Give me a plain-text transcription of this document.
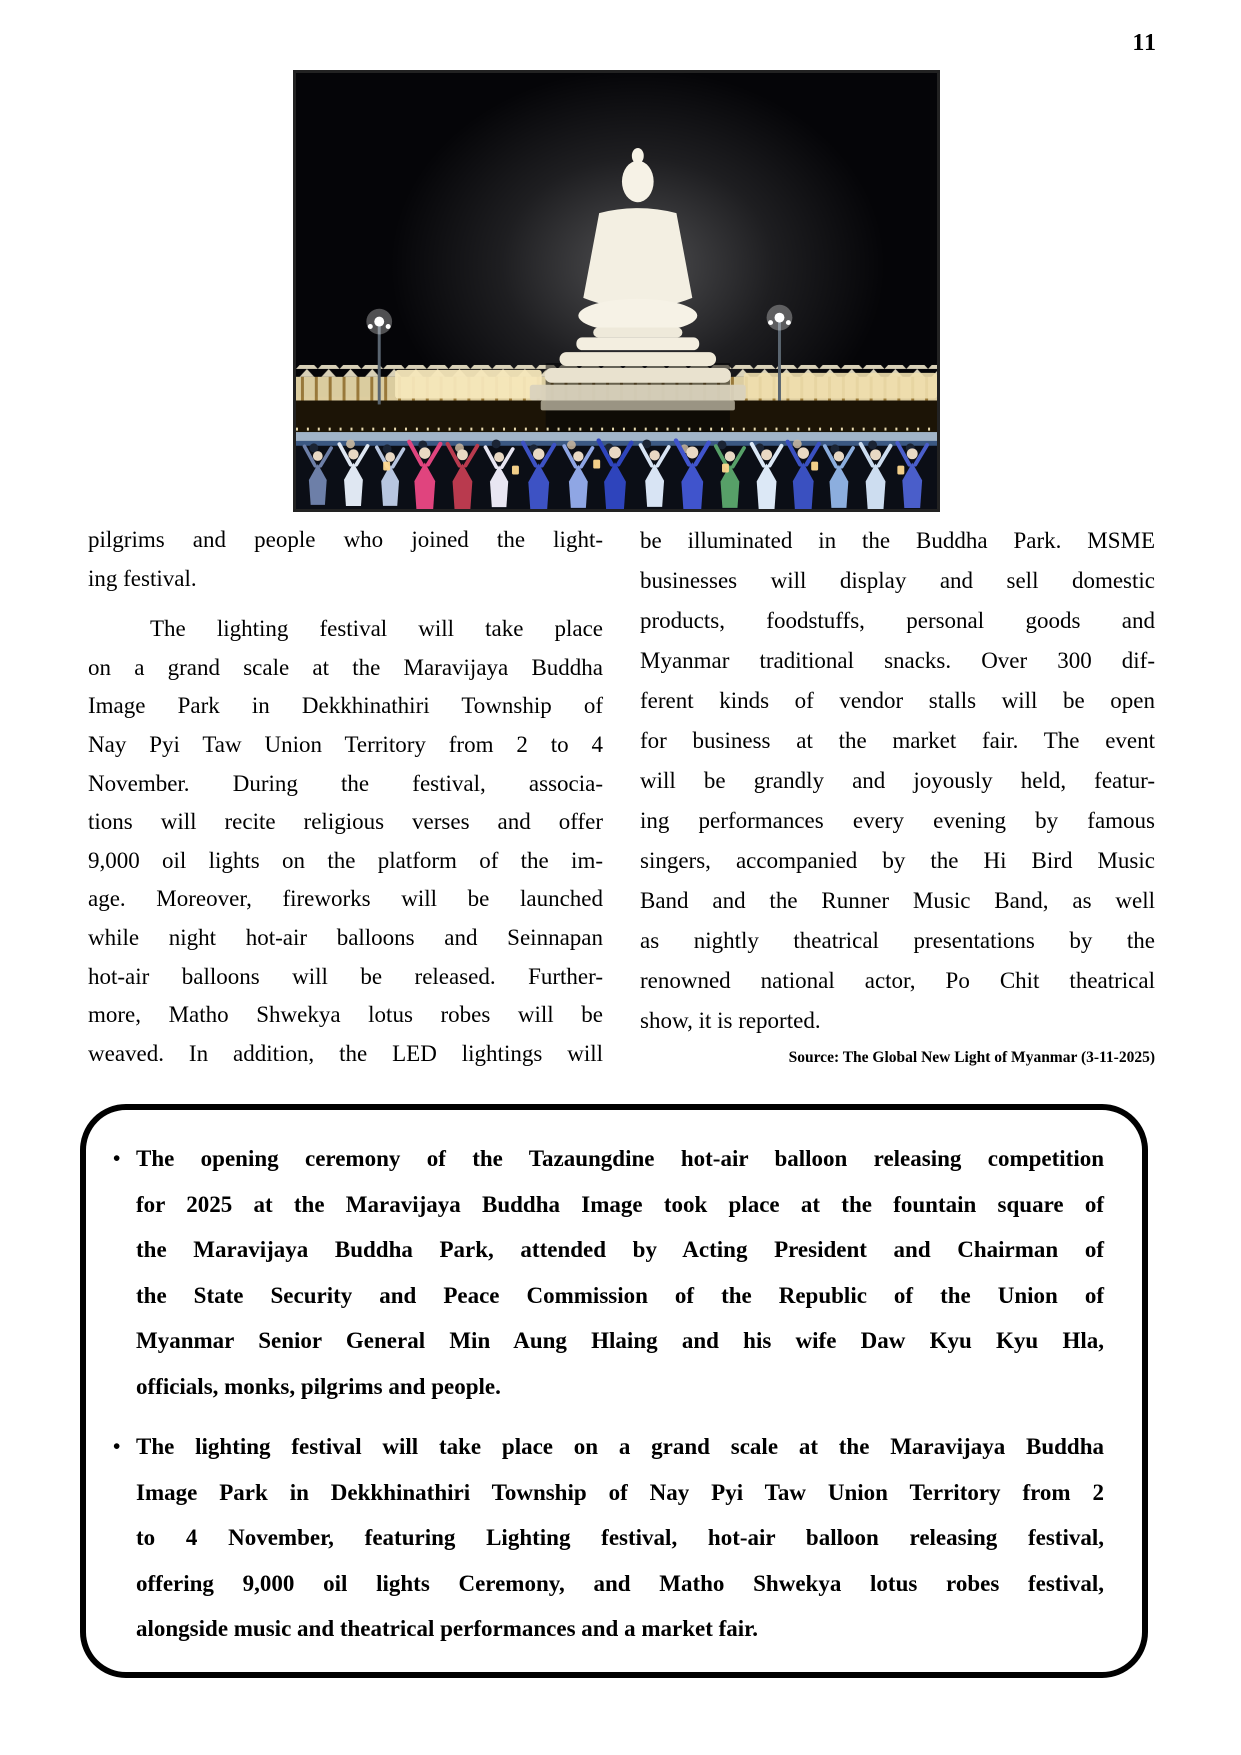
11
pilgrims and people who joined the light-
ing festival.
The lighting festival will take place
on a grand scale at the Maravijaya Buddha
Image Park in Dekkhinathiri Township of
Nay Pyi Taw Union Territory from 2 to 4
November. During the festival, associa-
tions will recite religious verses and offer
9,000 oil lights on the platform of the im-
age. Moreover, fireworks will be launched
while night hot-air balloons and Seinnapan
hot-air balloons will be released. Further-
more, Matho Shwekya lotus robes will be
weaved. In addition, the LED lightings will
be illuminated in the Buddha Park. MSME
businesses will display and sell domestic
products, foodstuffs, personal goods and
Myanmar traditional snacks. Over 300 dif-
ferent kinds of vendor stalls will be open
for business at the market fair. The event
will be grandly and joyously held, featur-
ing performances every evening by famous
singers, accompanied by the Hi Bird Music
Band and the Runner Music Band, as well
as nightly theatrical presentations by the
renowned national actor, Po Chit theatrical
show, it is reported.
Source: The Global New Light of Myanmar (3-11-2025)
• The opening ceremony of the Tazaungdine hot-air balloon releasing competition
for 2025 at the Maravijaya Buddha Image took place at the fountain square of
the Maravijaya Buddha Park, attended by Acting President and Chairman of
the State Security and Peace Commission of the Republic of the Union of
Myanmar Senior General Min Aung Hlaing and his wife Daw Kyu Kyu Hla,
officials, monks, pilgrims and people.
• The lighting festival will take place on a grand scale at the Maravijaya Buddha
Image Park in Dekkhinathiri Township of Nay Pyi Taw Union Territory from 2
to 4 November, featuring Lighting festival, hot-air balloon releasing festival,
offering 9,000 oil lights Ceremony, and Matho Shwekya lotus robes festival,
alongside music and theatrical performances and a market fair.
